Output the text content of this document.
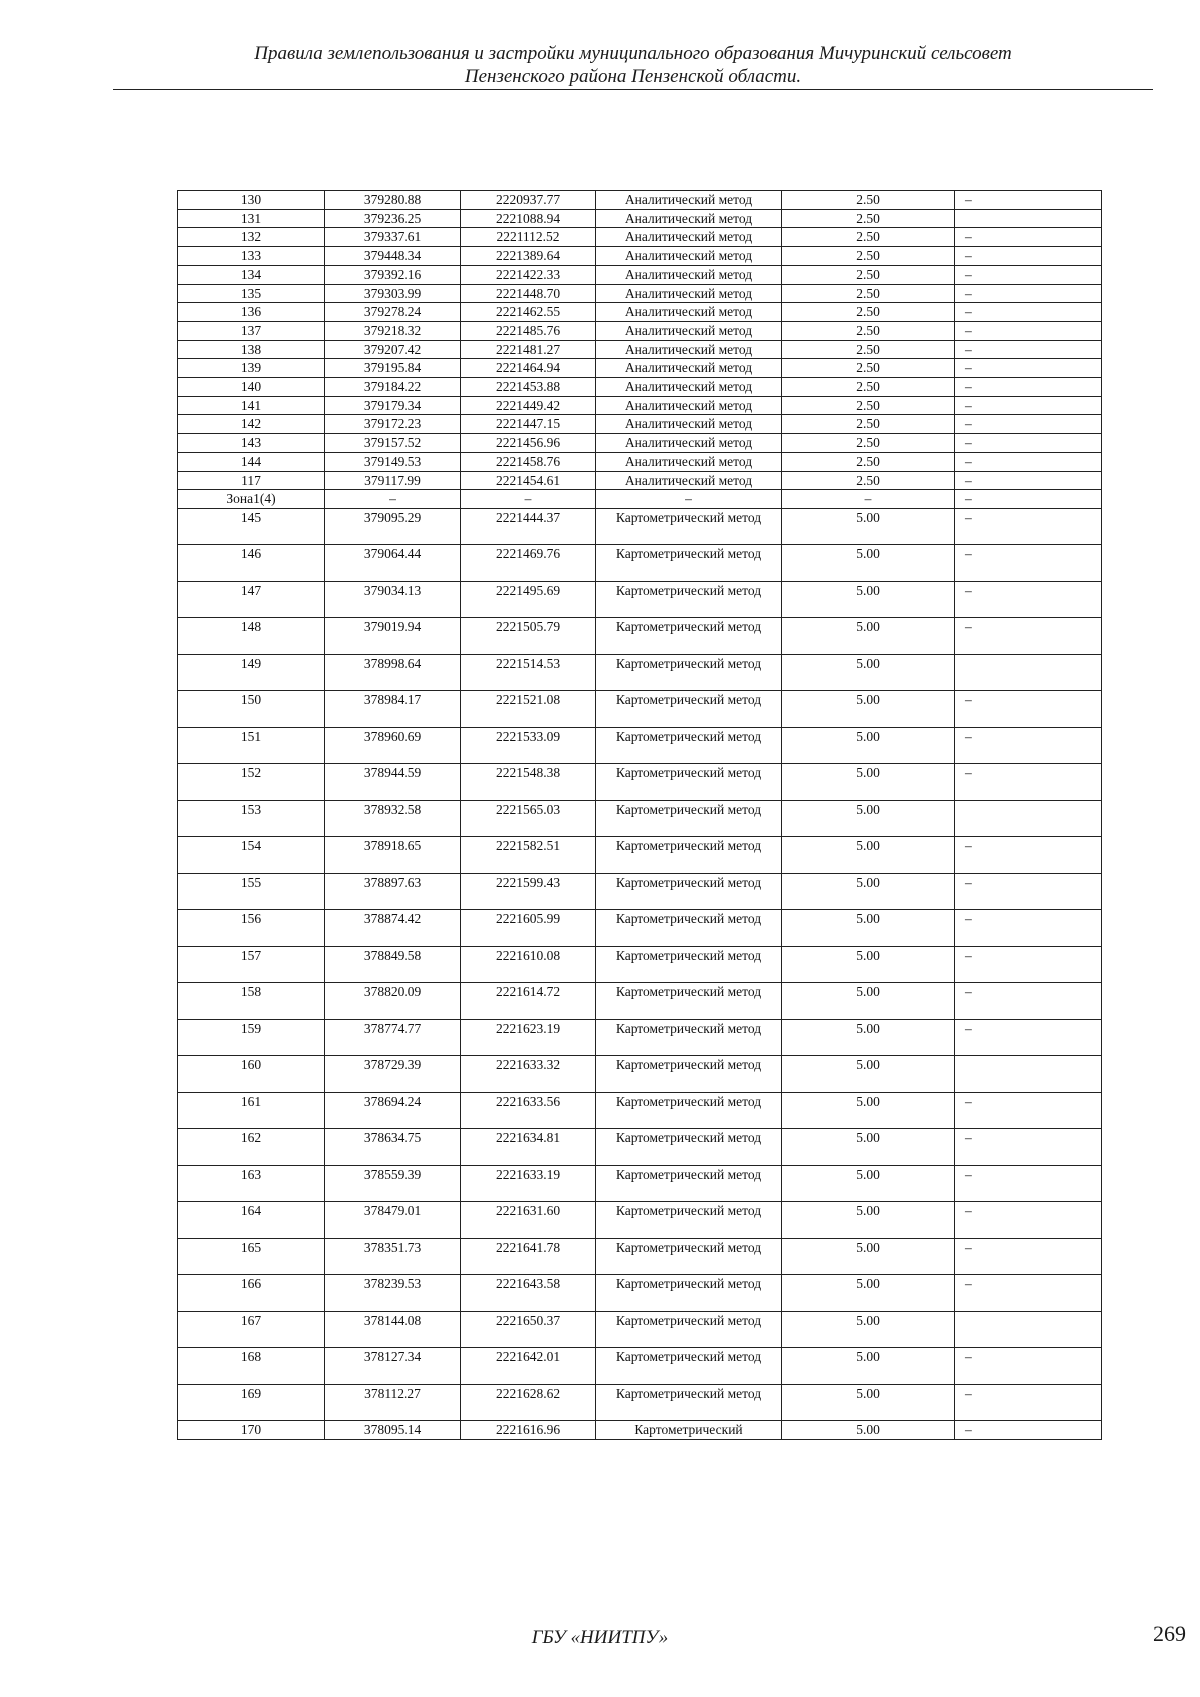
Правила землепользования и застройки муниципального образования Мичуринский сельсовет
Пензенского района Пензенской области.
130	379280.88	2220937.77	Аналитический метод	2.50	–
131	379236.25	2221088.94	Аналитический метод	2.50	
132	379337.61	2221112.52	Аналитический метод	2.50	–
133	379448.34	2221389.64	Аналитический метод	2.50	–
134	379392.16	2221422.33	Аналитический метод	2.50	–
135	379303.99	2221448.70	Аналитический метод	2.50	–
136	379278.24	2221462.55	Аналитический метод	2.50	–
137	379218.32	2221485.76	Аналитический метод	2.50	–
138	379207.42	2221481.27	Аналитический метод	2.50	–
139	379195.84	2221464.94	Аналитический метод	2.50	–
140	379184.22	2221453.88	Аналитический метод	2.50	–
141	379179.34	2221449.42	Аналитический метод	2.50	–
142	379172.23	2221447.15	Аналитический метод	2.50	–
143	379157.52	2221456.96	Аналитический метод	2.50	–
144	379149.53	2221458.76	Аналитический метод	2.50	–
117	379117.99	2221454.61	Аналитический метод	2.50	–
Зона1(4)	–	–	–	–	–
145	379095.29	2221444.37	Картометрический метод	5.00	–
146	379064.44	2221469.76	Картометрический метод	5.00	–
147	379034.13	2221495.69	Картометрический метод	5.00	–
148	379019.94	2221505.79	Картометрический метод	5.00	–
149	378998.64	2221514.53	Картометрический метод	5.00	
150	378984.17	2221521.08	Картометрический метод	5.00	–
151	378960.69	2221533.09	Картометрический метод	5.00	–
152	378944.59	2221548.38	Картометрический метод	5.00	–
153	378932.58	2221565.03	Картометрический метод	5.00	
154	378918.65	2221582.51	Картометрический метод	5.00	–
155	378897.63	2221599.43	Картометрический метод	5.00	–
156	378874.42	2221605.99	Картометрический метод	5.00	–
157	378849.58	2221610.08	Картометрический метод	5.00	–
158	378820.09	2221614.72	Картометрический метод	5.00	–
159	378774.77	2221623.19	Картометрический метод	5.00	–
160	378729.39	2221633.32	Картометрический метод	5.00	
161	378694.24	2221633.56	Картометрический метод	5.00	–
162	378634.75	2221634.81	Картометрический метод	5.00	–
163	378559.39	2221633.19	Картометрический метод	5.00	–
164	378479.01	2221631.60	Картометрический метод	5.00	–
165	378351.73	2221641.78	Картометрический метод	5.00	–
166	378239.53	2221643.58	Картометрический метод	5.00	–
167	378144.08	2221650.37	Картометрический метод	5.00	
168	378127.34	2221642.01	Картометрический метод	5.00	–
169	378112.27	2221628.62	Картометрический метод	5.00	–
170	378095.14	2221616.96	Картометрический	5.00	–
ГБУ «НИИТПУ»	269
